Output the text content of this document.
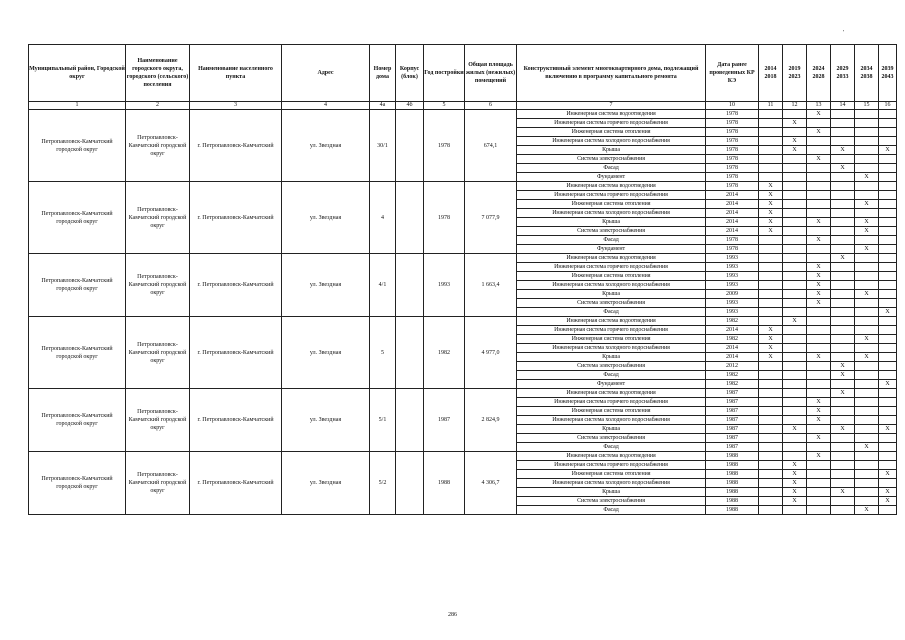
'
Муниципальный район, Городской округ	Наименование городского округа, городского (сельского) поселения	Наименование населенного пункта	Адрес	Номер дома	Корпус (блок)	Год постройки	Общая площадь жилых (нежилых) помещений	Конструктивный элемент многоквартирного дома, подлежащий включению в программу капитального ремонта	Дата ранее проведенных КР КЭ	2014 2018	2019 2023	2024 2028	2029 2033	2034 2038	2039 2043
1	2	3	4	4а	4б	5	6	7	10	11	12	13	14	15	16
Петропавловск-Камчатский городской округ	Петропавловск-Камчатский городской округ	г. Петропавловск-Камчатский	ул. Звездная	30/1		1978	674,1	Инженерная система водоотведения	1978			X			
								Инженерная система горячего водоснабжения	1978		X				
								Инженерная система отопления	1978			X			
								Инженерная система холодного водоснабжения	1978		X				
								Крыша	1978		X		X		X
								Система электроснабжения	1978			X			
								Фасад	1978				X		
								Фундамент	1978					X	
Петропавловск-Камчатский городской округ	Петропавловск-Камчатский городской округ	г. Петропавловск-Камчатский	ул. Звездная	4		1978	7 077,9	Инженерная система водоотведения	1978	X					
								Инженерная система горячего водоснабжения	2014	X					
								Инженерная система отопления	2014	X				X	
								Инженерная система холодного водоснабжения	2014	X					
								Крыша	2014	X		X		X	
								Система электроснабжения	2014	X				X	
								Фасад	1978			X			
								Фундамент	1978					X	
Петропавловск-Камчатский городской округ	Петропавловск-Камчатский городской округ	г. Петропавловск-Камчатский	ул. Звездная	4/1		1993	1 663,4	Инженерная система водоотведения	1993				X		
								Инженерная система горячего водоснабжения	1993			X			
								Инженерная система отопления	1993			X			
								Инженерная система холодного водоснабжения	1993			X			
								Крыша	2009			X		X	
								Система электроснабжения	1993			X			
								Фасад	1993						X
Петропавловск-Камчатский городской округ	Петропавловск-Камчатский городской округ	г. Петропавловск-Камчатский	ул. Звездная	5		1982	4 977,0	Инженерная система водоотведения	1982		X				
								Инженерная система горячего водоснабжения	2014	X					
								Инженерная система отопления	1982	X				X	
								Инженерная система холодного водоснабжения	2014	X					
								Крыша	2014	X		X		X	
								Система электроснабжения	2012				X		
								Фасад	1982				X		
								Фундамент	1982						X
Петропавловск-Камчатский городской округ	Петропавловск-Камчатский городской округ	г. Петропавловск-Камчатский	ул. Звездная	5/1		1987	2 824,9	Инженерная система водоотведения	1987				X		
								Инженерная система горячего водоснабжения	1987			X			
								Инженерная система отопления	1987			X			
								Инженерная система холодного водоснабжения	1987			X			
								Крыша	1987		X		X		X
								Система электроснабжения	1987			X			
								Фасад	1987					X	
Петропавловск-Камчатский городской округ	Петропавловск-Камчатский городской округ	г. Петропавловск-Камчатский	ул. Звездная	5/2		1988	4 306,7	Инженерная система водоотведения	1988			X			
								Инженерная система горячего водоснабжения	1988		X				
								Инженерная система отопления	1988		X				X
								Инженерная система холодного водоснабжения	1988		X				
								Крыша	1988		X		X		X
								Система электроснабжения	1988		X				X
								Фасад	1988					X	
286
